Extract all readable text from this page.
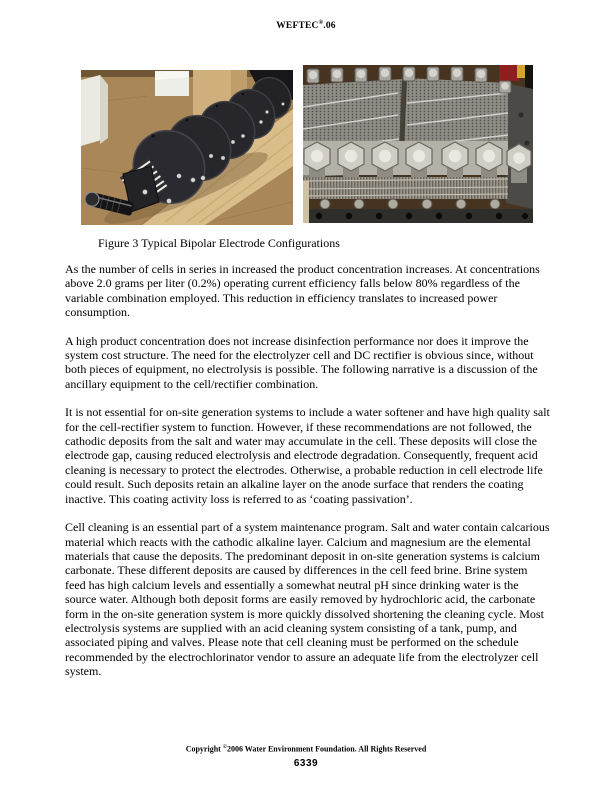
WEFTEC®.06
Figure 3 Typical Bipolar Electrode Configurations

As the number of cells in series in increased the product concentration increases. At concentrations above 2.0 grams per liter (0.2%) operating current efficiency falls below 80% regardless of the variable combination employed. This reduction in efficiency translates to increased power consumption.

A high product concentration does not increase disinfection performance nor does it improve the system cost structure. The need for the electrolyzer cell and DC rectifier is obvious since, without both pieces of equipment, no electrolysis is possible. The following narrative is a discussion of the ancillary equipment to the cell/rectifier combination.

It is not essential for on-site generation systems to include a water softener and have high quality salt for the cell-rectifier system to function. However, if these recommendations are not followed, the cathodic deposits from the salt and water may accumulate in the cell. These deposits will close the electrode gap, causing reduced electrolysis and electrode degradation. Consequently, frequent acid cleaning is necessary to protect the electrodes. Otherwise, a probable reduction in cell electrode life could result. Such deposits retain an alkaline layer on the anode surface that renders the coating inactive. This coating activity loss is referred to as ‘coating passivation’.

Cell cleaning is an essential part of a system maintenance program. Salt and water contain calcarious material which reacts with the cathodic alkaline layer. Calcium and magnesium are the elemental materials that cause the deposits. The predominant deposit in on-site generation systems is calcium carbonate. These different deposits are caused by differences in the cell feed brine. Brine system feed has high calcium levels and essentially a somewhat neutral pH since drinking water is the source water. Although both deposit forms are easily removed by hydrochloric acid, the carbonate form in the on-site generation system is more quickly dissolved shortening the cleaning cycle. Most electrolysis systems are supplied with an acid cleaning system consisting of a tank, pump, and associated piping and valves. Please note that cell cleaning must be performed on the schedule recommended by the electrochlorinator vendor to assure an adequate life from the electrolyzer cell system.

Copyright ©2006 Water Environment Foundation. All Rights Reserved
6339
